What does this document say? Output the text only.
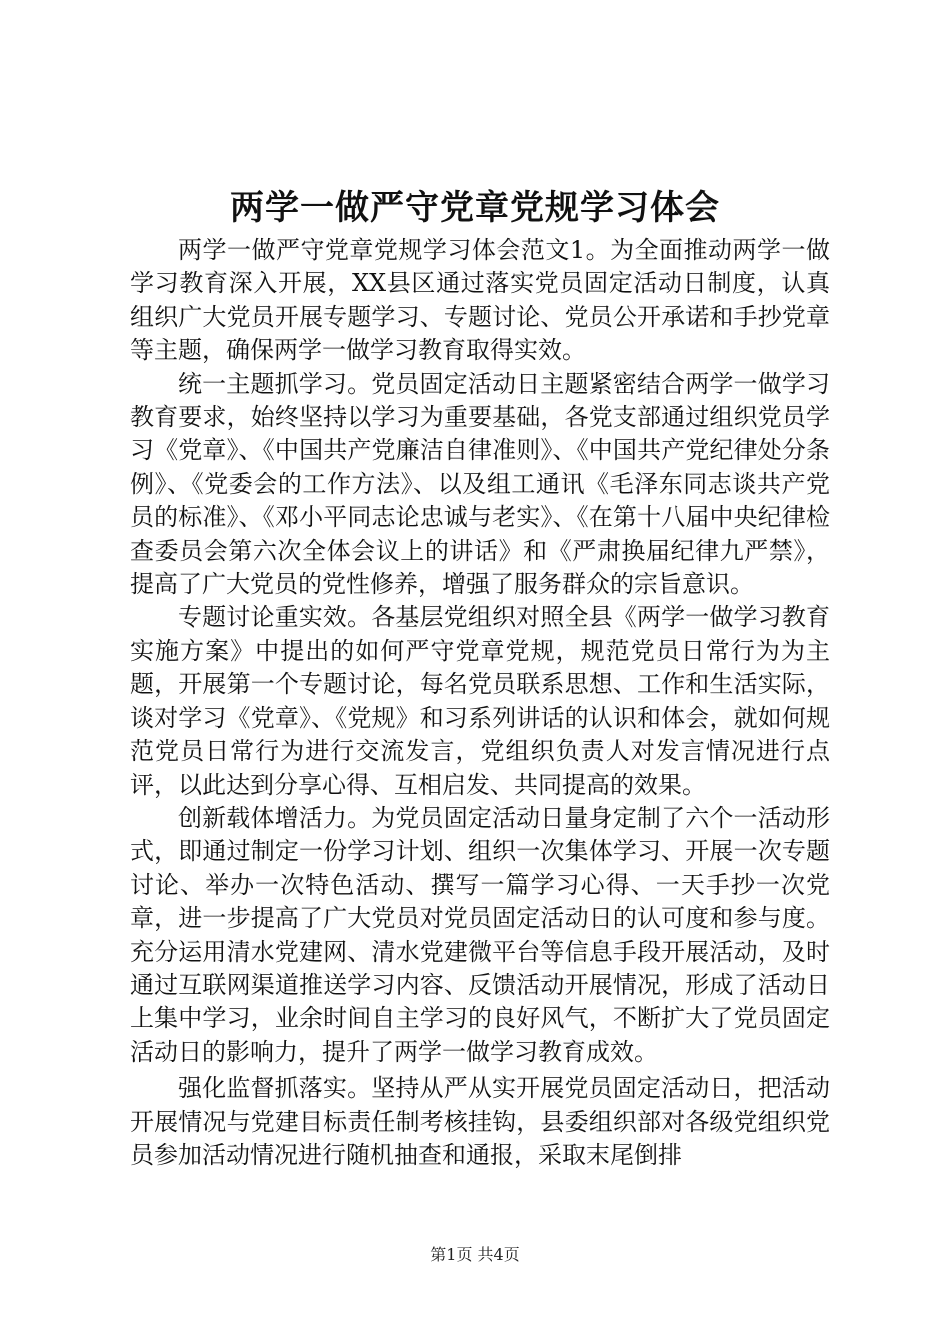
两学一做严守党章党规学习体会

两学一做严守党章党规学习体会范文1。为全面推动两学一做学习教育深入开展，XX县区通过落实党员固定活动日制度，认真组织广大党员开展专题学习、专题讨论、党员公开承诺和手抄党章等主题，确保两学一做学习教育取得实效。

统一主题抓学习。党员固定活动日主题紧密结合两学一做学习教育要求，始终坚持以学习为重要基础，各党支部通过组织党员学习《党章》、《中国共产党廉洁自律准则》、《中国共产党纪律处分条例》、《党委会的工作方法》、以及组工通讯《毛泽东同志谈共产党员的标准》、《邓小平同志论忠诚与老实》、《在第十八届中央纪律检查委员会第六次全体会议上的讲话》和《严肃换届纪律九严禁》，提高了广大党员的党性修养，增强了服务群众的宗旨意识。

专题讨论重实效。各基层党组织对照全县《两学一做学习教育实施方案》中提出的如何严守党章党规，规范党员日常行为为主题，开展第一个专题讨论，每名党员联系思想、工作和生活实际，谈对学习《党章》、《党规》和习系列讲话的认识和体会，就如何规范党员日常行为进行交流发言，党组织负责人对发言情况进行点评，以此达到分享心得、互相启发、共同提高的效果。

创新载体增活力。为党员固定活动日量身定制了六个一活动形式，即通过制定一份学习计划、组织一次集体学习、开展一次专题讨论、举办一次特色活动、撰写一篇学习心得、一天手抄一次党章，进一步提高了广大党员对党员固定活动日的认可度和参与度。充分运用清水党建网、清水党建微平台等信息手段开展活动，及时通过互联网渠道推送学习内容、反馈活动开展情况，形成了活动日上集中学习，业余时间自主学习的良好风气，不断扩大了党员固定活动日的影响力，提升了两学一做学习教育成效。

强化监督抓落实。坚持从严从实开展党员固定活动日，把活动开展情况与党建目标责任制考核挂钩，县委组织部对各级党组织党员参加活动情况进行随机抽查和通报，采取末尾倒排

第1页 共4页
